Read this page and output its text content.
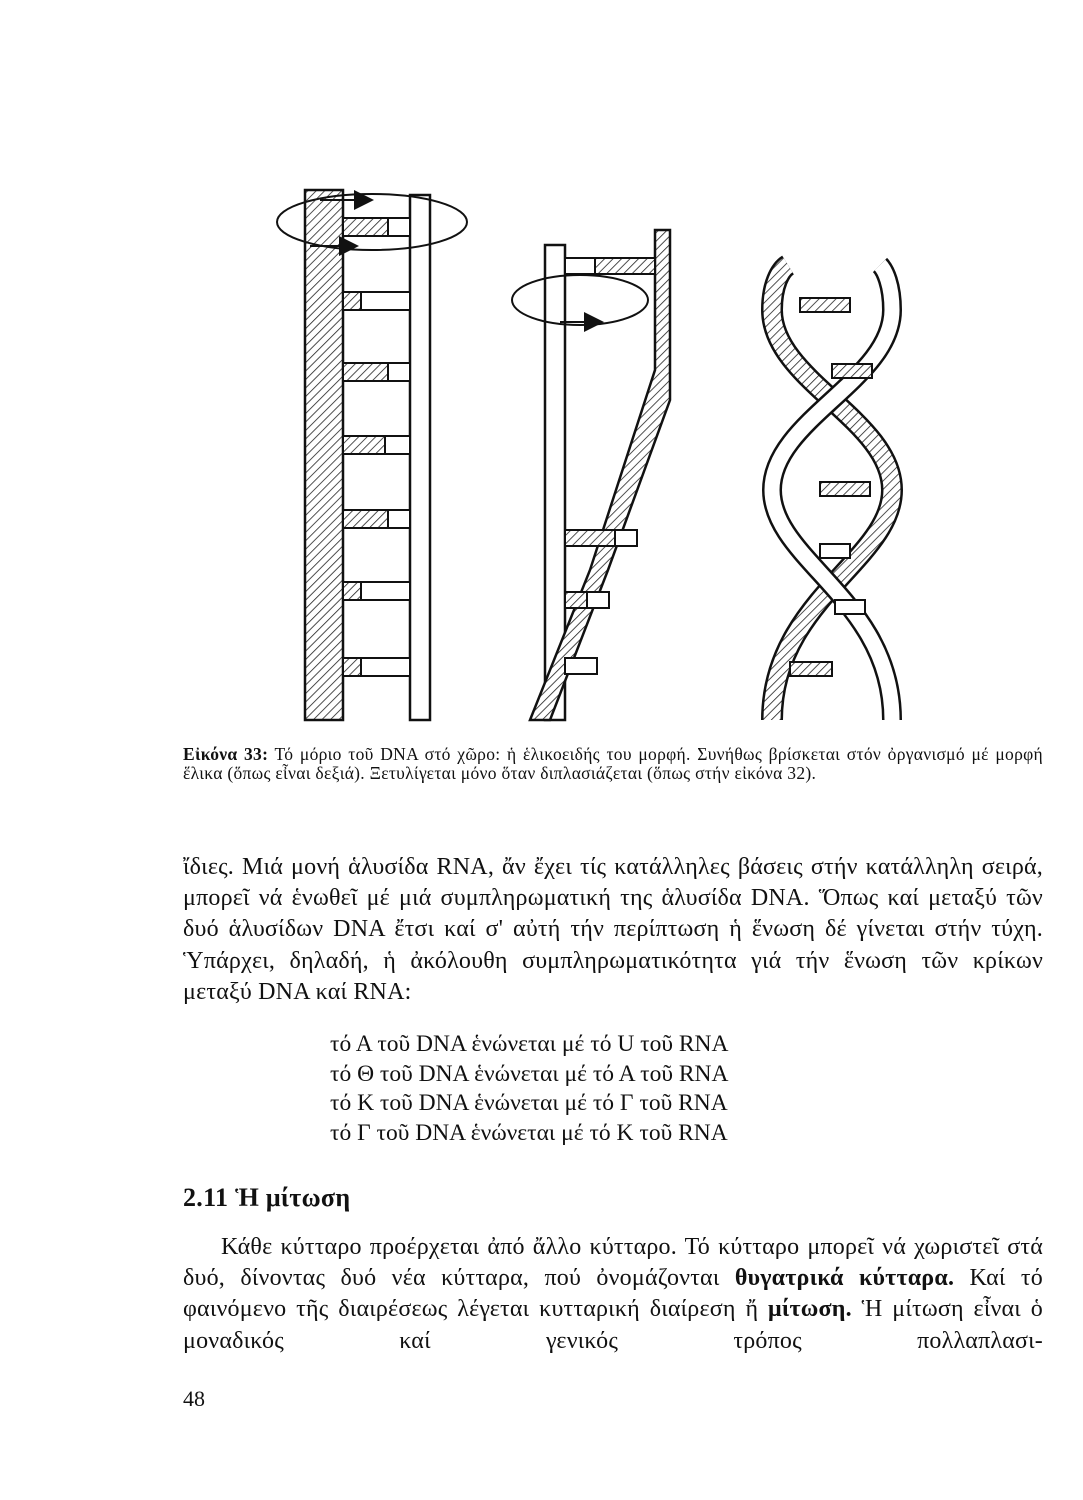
Εἰκόνα 33: Τό μόριο τοῦ DNA στό χῶρο: ἡ ἑλικοειδής του μορφή. Συνήθως βρίσκεται στόν ὀργανισμό μέ μορφή ἕλικα (ὅπως εἶναι δεξιά). Ξετυλίγεται μόνο ὅταν διπλασιάζεται (ὅπως στήν εἰκόνα 32).
ἴδιες. Μιά μονή ἁλυσίδα RNA, ἄν ἔχει τίς κατάλληλες βάσεις στήν κατάλληλη σειρά, μπορεῖ νά ἑνωθεῖ μέ μιά συμπληρωματική της ἁλυσίδα DNA. Ὅπως καί μεταξύ τῶν δυό ἁλυσίδων DNA ἔτσι καί σ' αὐτή τήν περίπτωση ἡ ἕνωση δέ γίνεται στήν τύχη. Ὑπάρχει, δηλαδή, ἡ ἀκόλουθη συμπληρωματικότητα γιά τήν ἕνωση τῶν κρίκων μεταξύ DNA καί RNA:
τό Α τοῦ DNA ἑνώνεται μέ τό U τοῦ RNA
τό Θ τοῦ DNA ἑνώνεται μέ τό Α τοῦ RNA
τό Κ τοῦ DNA ἑνώνεται μέ τό Γ τοῦ RNA
τό Γ τοῦ DNA ἑνώνεται μέ τό Κ τοῦ RNA
2.11 Ἡ μίτωση
Κάθε κύτταρο προέρχεται ἀπό ἄλλο κύτταρο. Τό κύτταρο μπορεῖ νά χωριστεῖ στά δυό, δίνοντας δυό νέα κύτταρα, πού ὀνομάζονται θυγατρικά κύτταρα. Καί τό φαινόμενο τῆς διαιρέσεως λέγεται κυτταρική διαίρεση ἤ μίτωση. Ἡ μίτωση εἶναι ὁ μοναδικός καί γενικός τρόπος πολλαπλασι-
48
